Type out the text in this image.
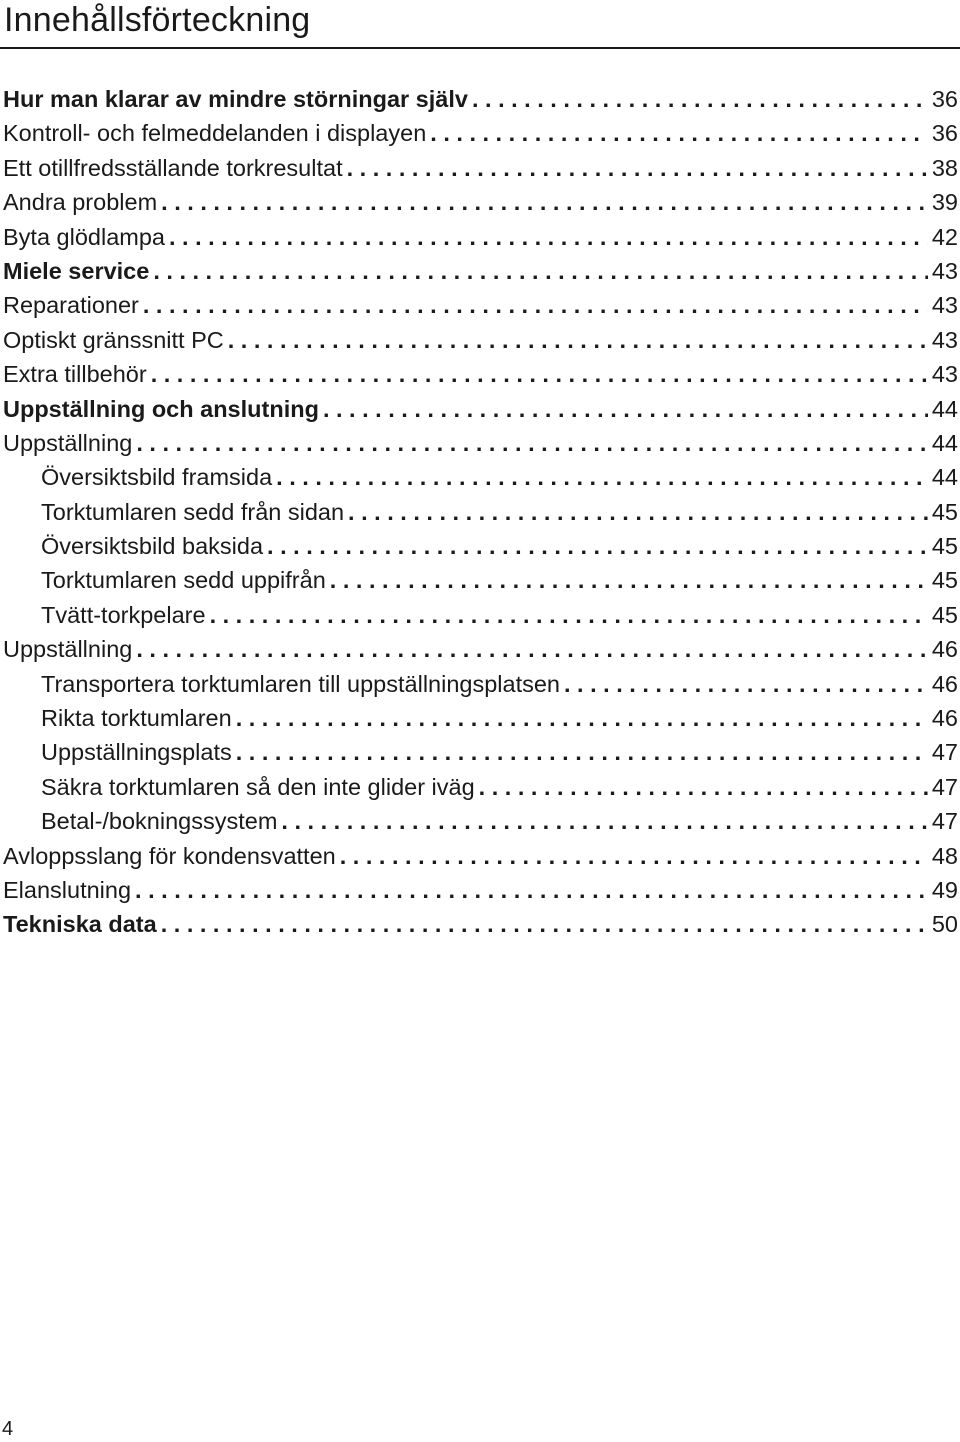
Innehållsförteckning
Hur man klarar av mindre störningar själv . . .	36
Kontroll- och felmeddelanden i displayen . . .	36
Ett otillfredsställande torkresultat . . .	38
Andra problem . . .	39
Byta glödlampa . . .	42
Miele service . . .	43
Reparationer . . .	43
Optiskt gränssnitt PC . . .	43
Extra tillbehör . . .	43
Uppställning och anslutning . . .	44
Uppställning . . .	44
Översiktsbild framsida . . .	44
Torktumlaren sedd från sidan . . .	45
Översiktsbild baksida . . .	45
Torktumlaren sedd uppifrån . . .	45
Tvätt-torkpelare . . .	45
Uppställning . . .	46
Transportera torktumlaren till uppställningsplatsen . . .	46
Rikta torktumlaren . . .	46
Uppställningsplats . . .	47
Säkra torktumlaren så den inte glider iväg . . .	47
Betal-/bokningssystem . . .	47
Avloppsslang för kondensvatten . . .	48
Elanslutning . . .	49
Tekniska data . . .	50
4
